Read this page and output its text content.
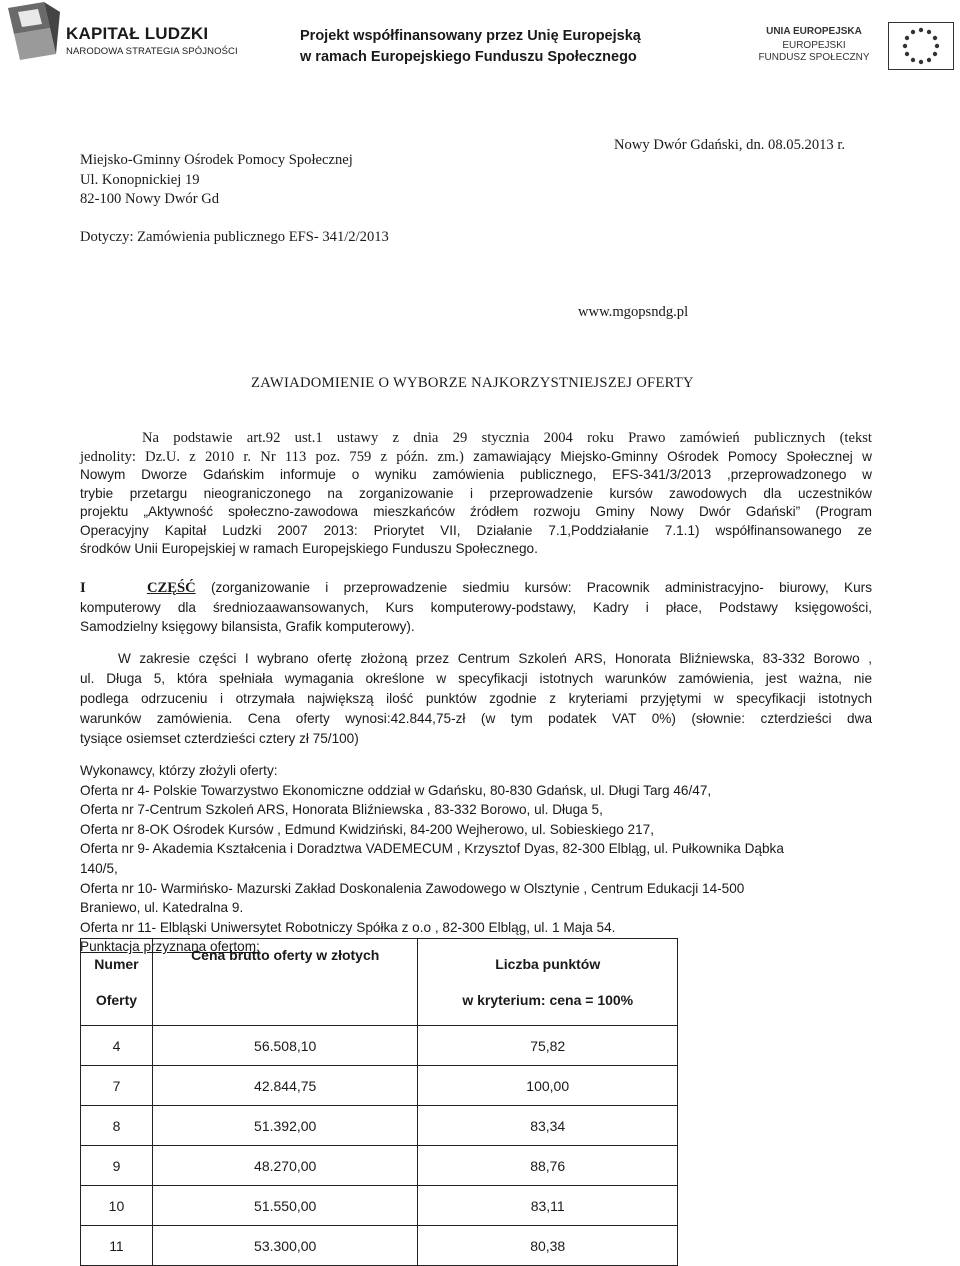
KAPITAŁ LUDZKI
NARODOWA STRATEGIA SPÓJNOŚCI
Projekt współfinansowany przez Unię Europejską
w ramach Europejskiego Funduszu Społecznego
UNIA EUROPEJSKA
EUROPEJSKI
FUNDUSZ SPOŁECZNY
Miejsko-Gminny Ośrodek Pomocy Społecznej
Ul. Konopnickiej 19
82-100 Nowy Dwór Gd
Nowy Dwór Gdański, dn. 08.05.2013 r.
Dotyczy: Zamówienia publicznego EFS- 341/2/2013
www.mgopsndg.pl
ZAWIADOMIENIE O WYBORZE NAJKORZYSTNIEJSZEJ OFERTY
Na podstawie art.92 ust.1 ustawy z dnia 29 stycznia 2004 roku Prawo zamówień publicznych (tekst
jednolity: Dz.U. z 2010 r. Nr 113 poz. 759 z późn. zm.) zamawiający Miejsko-Gminny Ośrodek Pomocy Społecznej w
Nowym Dworze Gdańskim informuje o wyniku zamówienia publicznego, EFS-341/3/2013 ,przeprowadzonego w
trybie przetargu nieograniczonego na zorganizowanie i przeprowadzenie kursów zawodowych dla uczestników
projektu „Aktywność społeczno-zawodowa mieszkańców źródłem rozwoju Gminy Nowy Dwór Gdański” (Program
Operacyjny Kapitał Ludzki 2007 2013: Priorytet VII, Działanie 7.1,Poddziałanie 7.1.1) współfinansowanego ze
środków Unii Europejskiej w ramach Europejskiego Funduszu Społecznego.
I	CZĘŚĆ (zorganizowanie i przeprowadzenie siedmiu kursów: Pracownik administracyjno- biurowy, Kurs
komputerowy dla średniozaawansowanych, Kurs komputerowy-podstawy, Kadry i płace, Podstawy księgowości,
Samodzielny księgowy bilansista, Grafik komputerowy).
W zakresie części I wybrano ofertę złożoną przez Centrum Szkoleń ARS, Honorata Bliźniewska, 83-332 Borowo ,
ul. Długa 5, która spełniała wymagania określone w specyfikacji istotnych warunków zamówienia, jest ważna, nie
podlega odrzuceniu i otrzymała największą ilość punktów zgodnie z kryteriami przyjętymi w specyfikacji istotnych
warunków zamówienia. Cena oferty wynosi:42.844,75-zł (w tym podatek VAT 0%) (słownie: czterdzieści dwa
tysiące osiemset czterdzieści cztery zł 75/100)
Wykonawcy, którzy złożyli oferty:
Oferta nr 4- Polskie Towarzystwo Ekonomiczne oddział w Gdańsku, 80-830 Gdańsk, ul. Długi Targ 46/47,
Oferta nr 7-Centrum Szkoleń ARS, Honorata Bliźniewska , 83-332 Borowo, ul. Długa 5,
Oferta nr 8-OK Ośrodek Kursów , Edmund Kwidziński, 84-200 Wejherowo, ul. Sobieskiego 217,
Oferta nr 9- Akademia Kształcenia i Doradztwa VADEMECUM , Krzysztof Dyas, 82-300 Elbląg, ul. Pułkownika Dąbka
140/5,
Oferta nr 10- Warmińsko- Mazurski Zakład Doskonalenia Zawodowego w Olsztynie , Centrum Edukacji 14-500
Braniewo, ul. Katedralna 9.
Oferta nr 11- Elbląski Uniwersytet Robotniczy Spółka z o.o , 82-300 Elbląg, ul. 1 Maja 54.
Punktacja przyznana ofertom:
Numer
Oferty	Cena brutto oferty w złotych	Liczba punktów
w kryterium: cena = 100%

4	56.508,10	75,82
7	42.844,75	100,00
8	51.392,00	83,34
9	48.270,00	88,76
10	51.550,00	83,11
11	53.300,00	80,38
